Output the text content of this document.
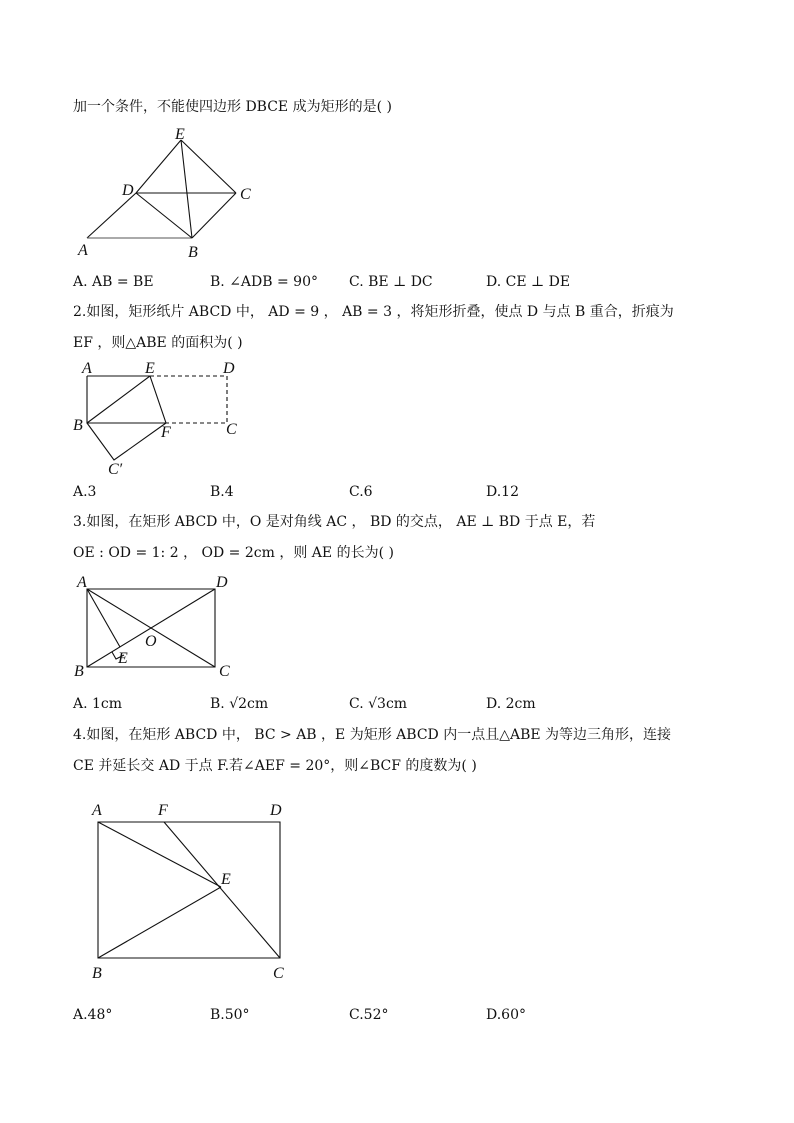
加一个条件，不能使四边形 DBCE 成为矩形的是( )
E
D	C
A	B
A. AB = BE	B. ∠ADB = 90° C. BE ⊥ DC	D. CE ⊥ DE
2.如图，矩形纸片 ABCD 中， AD = 9 ， AB = 3 ，将矩形折叠，使点 D 与点 B 重合，折痕为
EF ，则△ABE 的面积为( )
A	E	D
B	F	C
C′
A.3	B.4	C.6	D.12
3.如图，在矩形 ABCD 中，O 是对角线 AC ， BD 的交点， AE ⊥ BD 于点 E，若
OE : OD = 1: 2 ， OD = 2cm ，则 AE 的长为( )
A	D
O
E
B	C
A. 1cm	B. √2cm	C. √3cm	D. 2cm
4.如图，在矩形 ABCD 中， BC > AB ，E 为矩形 ABCD 内一点且△ABE 为等边三角形，连接
CE 并延长交 AD 于点 F.若∠AEF = 20°，则∠BCF 的度数为( )
A	F	D
E
B	C
A.48°	B.50°	C.52°	D.60°
